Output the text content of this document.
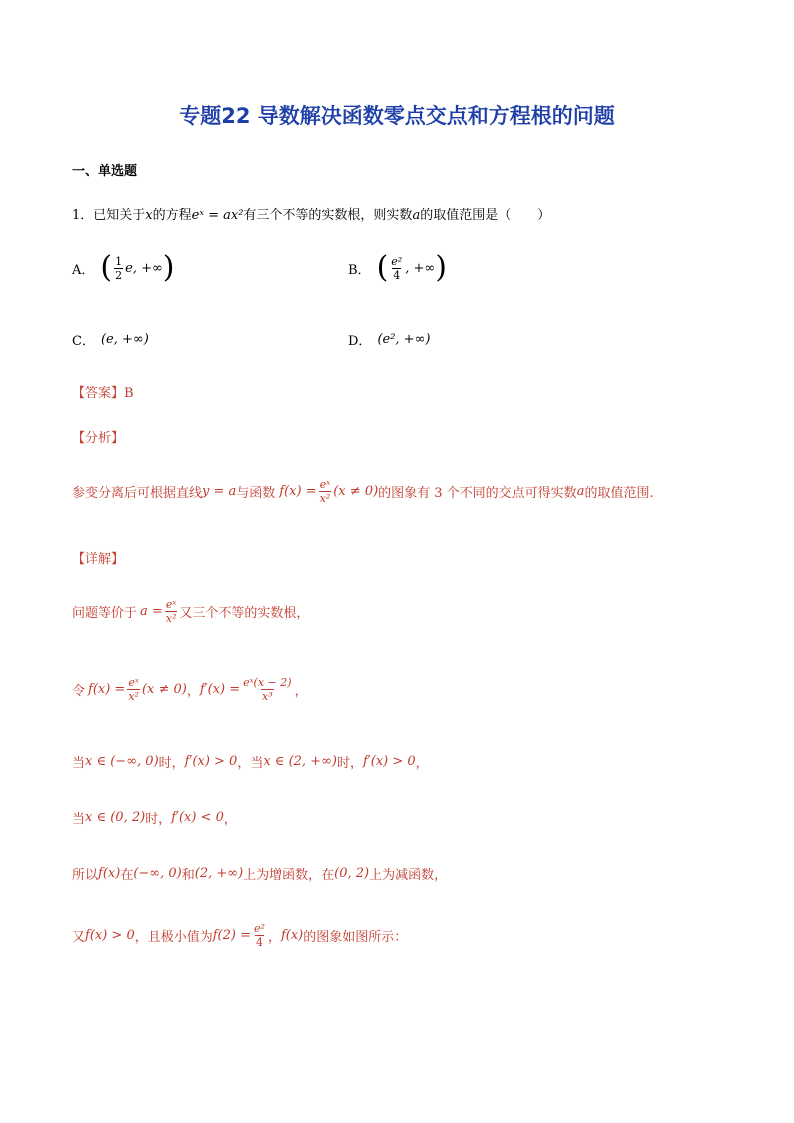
专题22 导数解决函数零点交点和方程根的问题
一、单选题
1．已知关于x的方程eˣ = ax²有三个不等的实数根，则实数a的取值范围是（　　）
A． ( $\frac{1}{2} e$, +∞ )	B． ( $\frac{\text{e²}}{4}$ , +∞ )
C． (e, +∞)	D． (e², +∞)
【答案】B
【分析】
参变分离后可根据直线 y = a 与函数 $f(x) = \frac{\text{eˣ}}{\text{x²}} (x \ne 0)$ 的图象有 3 个不同的交点可得实数 a 的取值范围.
【详解】
问题等价于 $a = \frac{\text{eˣ}}{\text{x²}}$ 又三个不等的实数根，
令 $f(x) = \frac{\text{eˣ}}{\text{x²}} (x \ne 0)$ ， $f'(x) = \frac{\text{eˣ(x − 2)}}{\text{x³}}$ ，
当 x ∈ (−∞, 0) 时， f′(x) > 0 ，当 x ∈ (2, +∞) 时， f′(x) > 0 ，
当 x ∈ (0, 2) 时， f′(x) < 0 ，
所以 f(x) 在 (−∞, 0) 和 (2, +∞) 上为增函数，在 (0, 2) 上为减函数，
又 f(x) > 0 ，且极小值为 $f(2) = \frac{\text{e²}}{4}$ ， f(x) 的图象如图所示：
